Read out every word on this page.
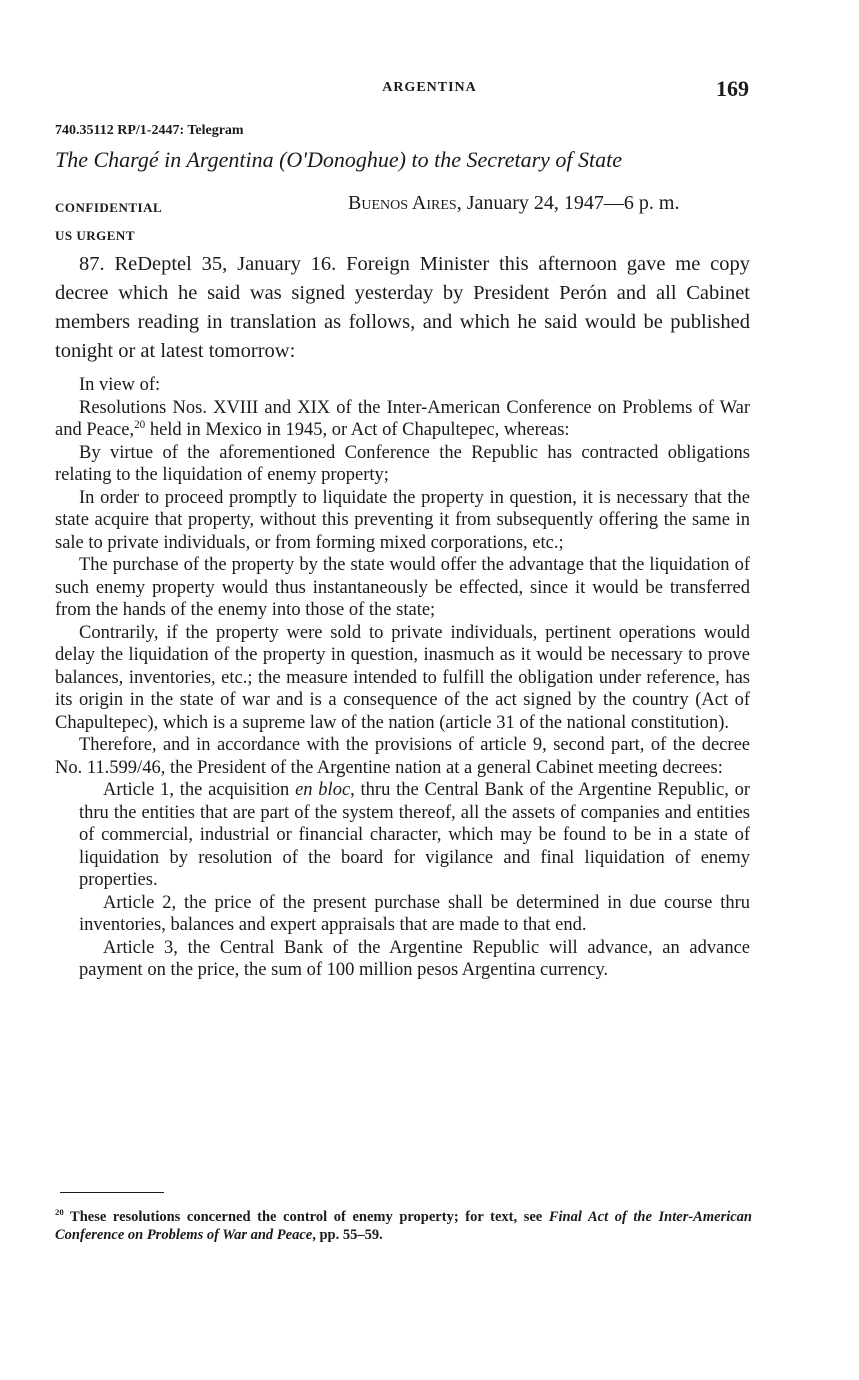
ARGENTINA	169
740.35112 RP/1-2447: Telegram
The Chargé in Argentina (O'Donoghue) to the Secretary of State
CONFIDENTIAL
US URGENT
Buenos Aires, January 24, 1947—6 p. m.

87. ReDeptel 35, January 16. Foreign Minister this afternoon gave me copy decree which he said was signed yesterday by President Perón and all Cabinet members reading in translation as follows, and which he said would be published tonight or at latest tomorrow:

In view of:

Resolutions Nos. XVIII and XIX of the Inter-American Conference on Problems of War and Peace,$^{20}$ held in Mexico in 1945, or Act of Chapultepec, whereas:

By virtue of the aforementioned Conference the Republic has contracted obligations relating to the liquidation of enemy property;

In order to proceed promptly to liquidate the property in question, it is necessary that the state acquire that property, without this preventing it from subsequently offering the same in sale to private individuals, or from forming mixed corporations, etc.;

The purchase of the property by the state would offer the advantage that the liquidation of such enemy property would thus instantaneously be effected, since it would be transferred from the hands of the enemy into those of the state;

Contrarily, if the property were sold to private individuals, pertinent operations would delay the liquidation of the property in question, inasmuch as it would be necessary to prove balances, inventories, etc.; the measure intended to fulfill the obligation under reference, has its origin in the state of war and is a consequence of the act signed by the country (Act of Chapultepec), which is a supreme law of the nation (article 31 of the national constitution).

Therefore, and in accordance with the provisions of article 9, second part, of the decree No. 11.599/46, the President of the Argentine nation at a general Cabinet meeting decrees:

Article 1, the acquisition en bloc, thru the Central Bank of the Argentine Republic, or thru the entities that are part of the system thereof, all the assets of companies and entities of commercial, industrial or financial character, which may be found to be in a state of liquidation by resolution of the board for vigilance and final liquidation of enemy properties.

Article 2, the price of the present purchase shall be determined in due course thru inventories, balances and expert appraisals that are made to that end.

Article 3, the Central Bank of the Argentine Republic will advance, an advance payment on the price, the sum of 100 million pesos Argentina currency.

$^{20}$ These resolutions concerned the control of enemy property; for text, see Final Act of the Inter-American Conference on Problems of War and Peace, pp. 55–59.
